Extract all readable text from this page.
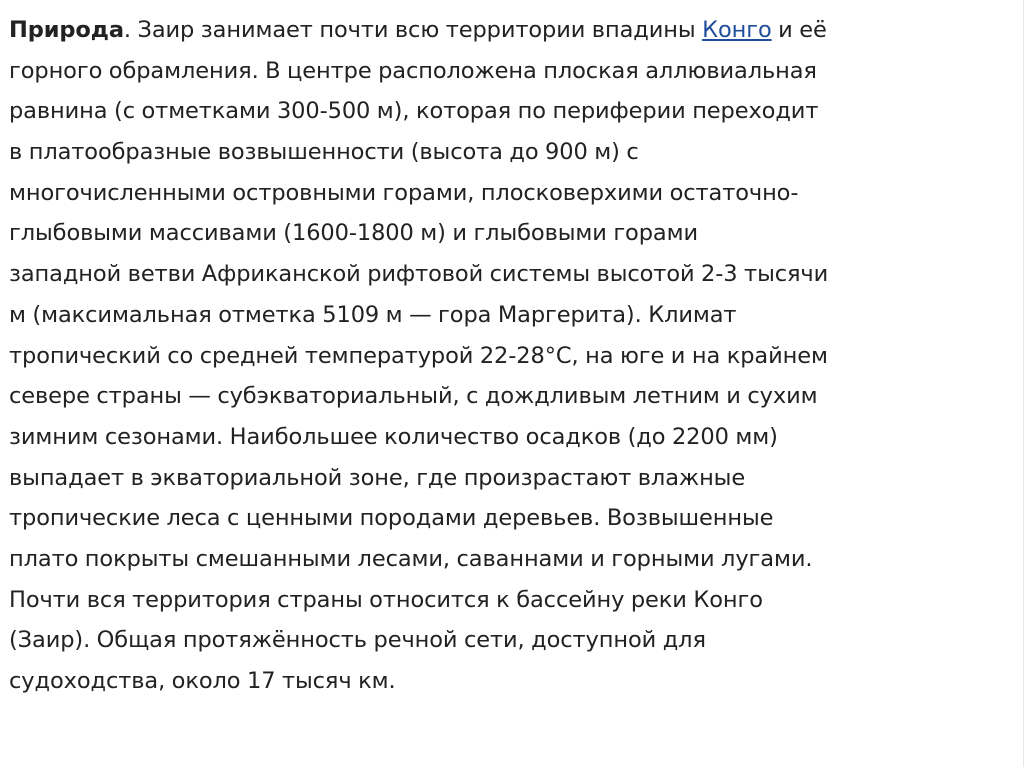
Природа. Заир занимает почти всю территории впадины Конго и её
горного обрамления. В центре расположена плоская аллювиальная
равнина (с отметками 300-500 м), которая по периферии переходит
в платообразные возвышенности (высота до 900 м) с
многочисленными островными горами, плосковерхими остаточно-
глыбовыми массивами (1600-1800 м) и глыбовыми горами
западной ветви Африканской рифтовой системы высотой 2-3 тысячи
м (максимальная отметка 5109 м — гора Маргерита). Климат
тропический со средней температурой 22-28°С, на юге и на крайнем
севере страны — субэкваториальный, с дождливым летним и сухим
зимним сезонами. Наибольшее количество осадков (до 2200 мм)
выпадает в экваториальной зоне, где произрастают влажные
тропические леса с ценными породами деревьев. Возвышенные
плато покрыты смешанными лесами, саваннами и горными лугами.
Почти вся территория страны относится к бассейну реки Конго
(Заир). Общая протяжённость речной сети, доступной для
судоходства, около 17 тысяч км.
